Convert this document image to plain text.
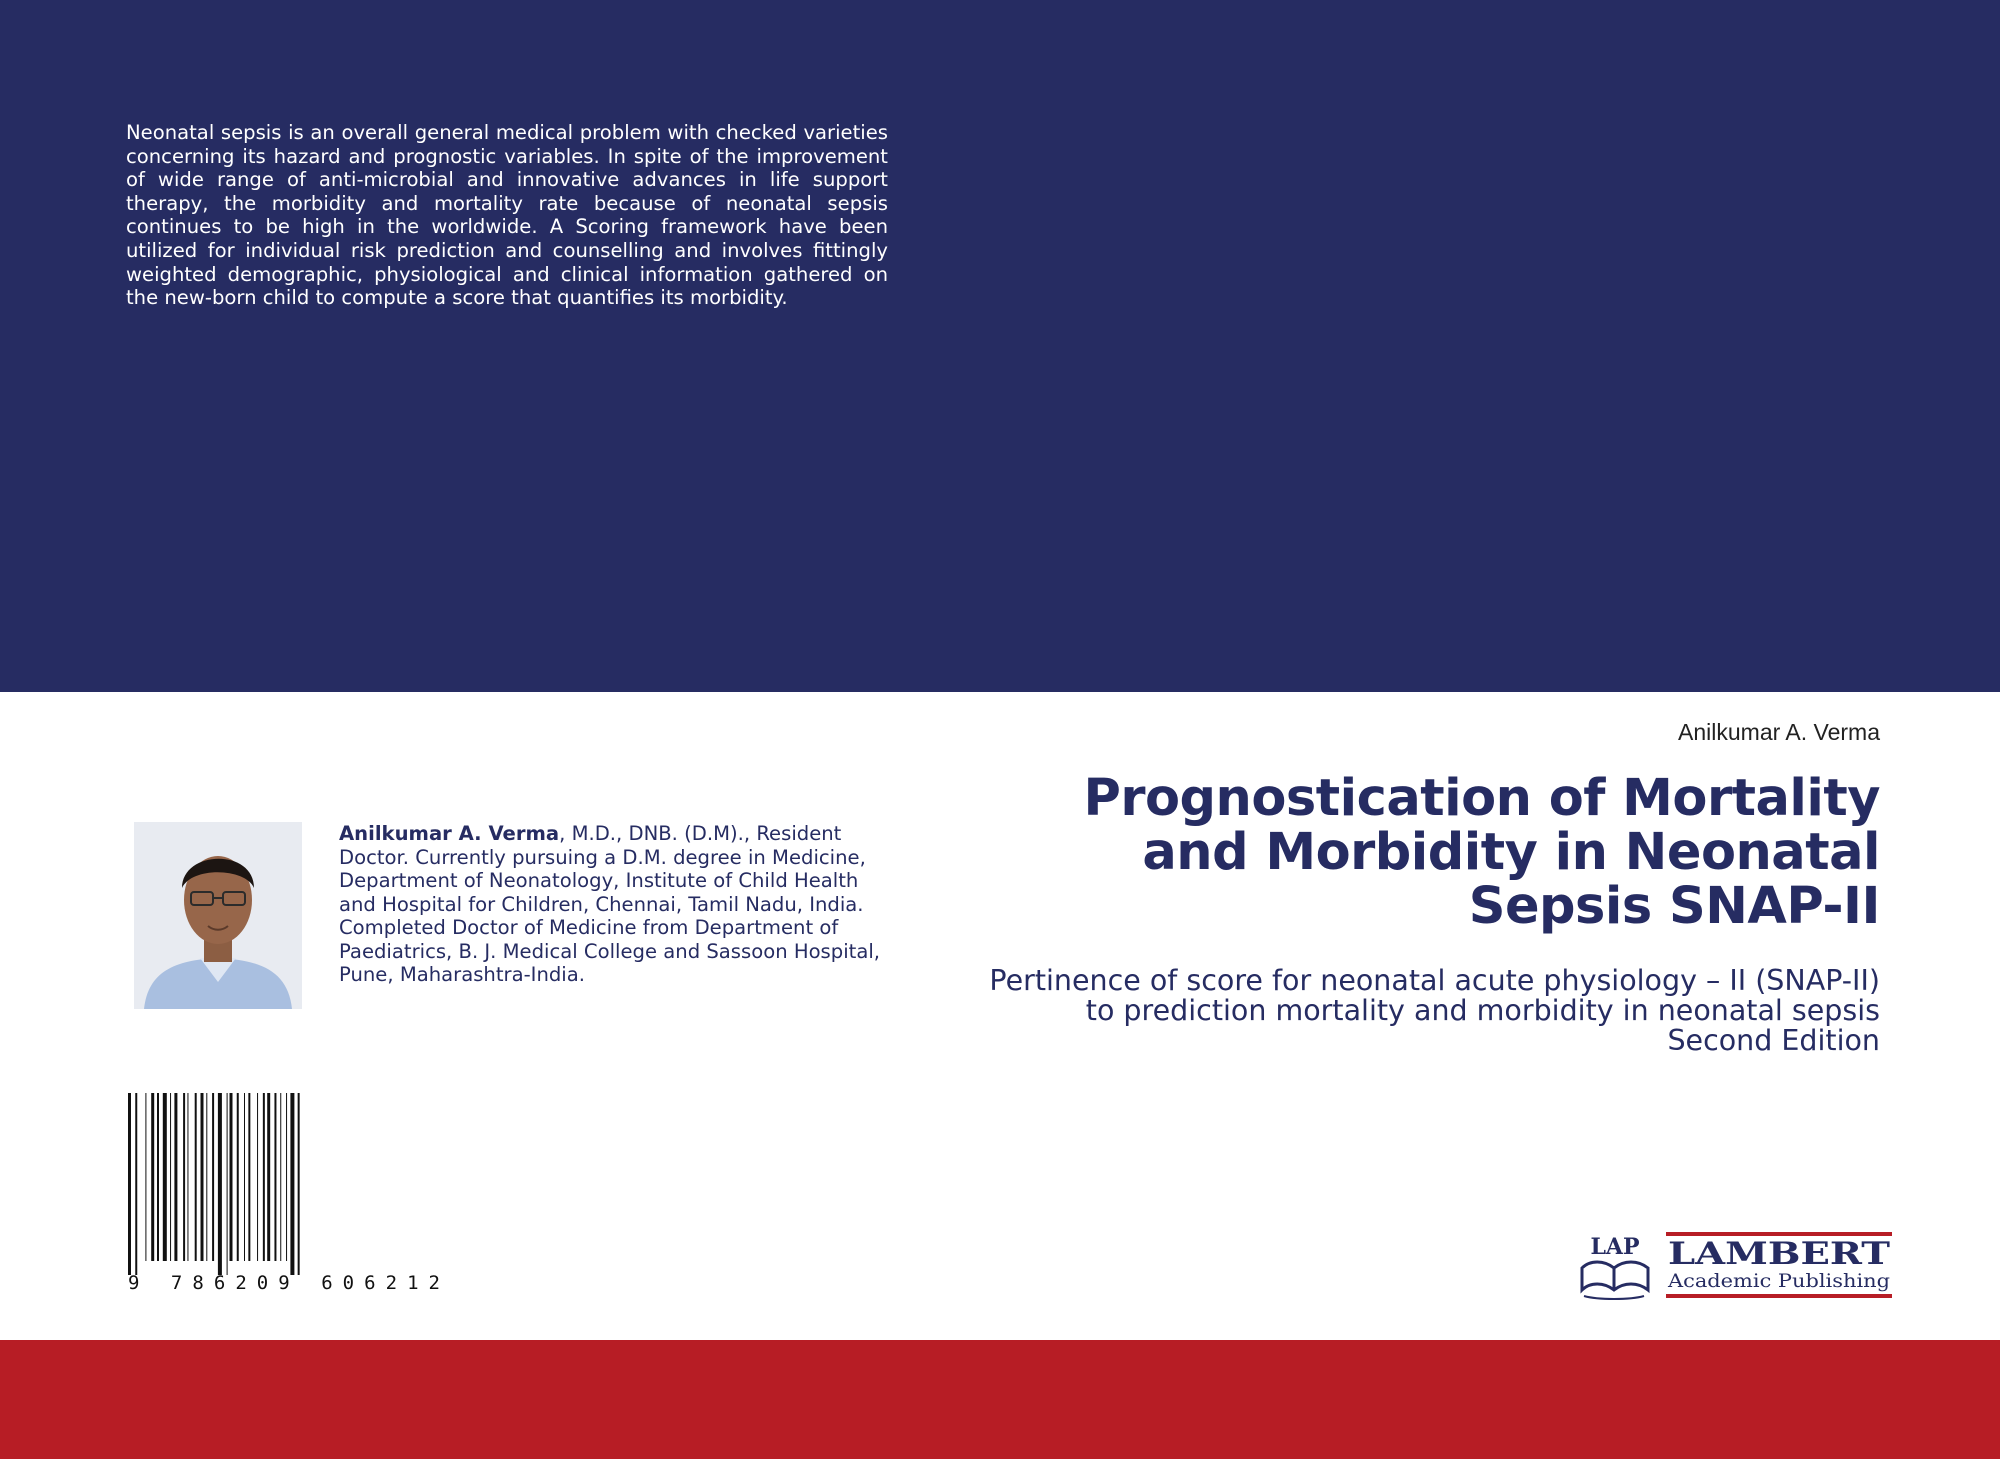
Neonatal sepsis is an overall general medical problem with checked varieties concerning its hazard and prognostic variables. In spite of the improvement of wide range of anti-microbial and innovative advances in life support therapy, the morbidity and mortality rate because of neonatal sepsis continues to be high in the worldwide. A Scoring framework have been utilized for individual risk prediction and counselling and involves fittingly weighted demographic, physiological and clinical information gathered on the new-born child to compute a score that quantifies its morbidity.

Anilkumar A. Verma
Prognostication of Mortality and Morbidity in Neonatal Sepsis SNAP-II
Pertinence of score for neonatal acute physiology – II (SNAP-II) to prediction mortality and morbidity in neonatal sepsis
Second Edition

Anilkumar A. Verma, M.D., DNB. (D.M)., Resident Doctor. Currently pursuing a D.M. degree in Medicine, Department of Neonatology, Institute of Child Health and Hospital for Children, Chennai, Tamil Nadu, India. Completed Doctor of Medicine from Department of Paediatrics, B. J. Medical College and Sassoon Hospital, Pune, Maharashtra-India.

9 786209 606212
LAP LAMBERT
Academic Publishing
